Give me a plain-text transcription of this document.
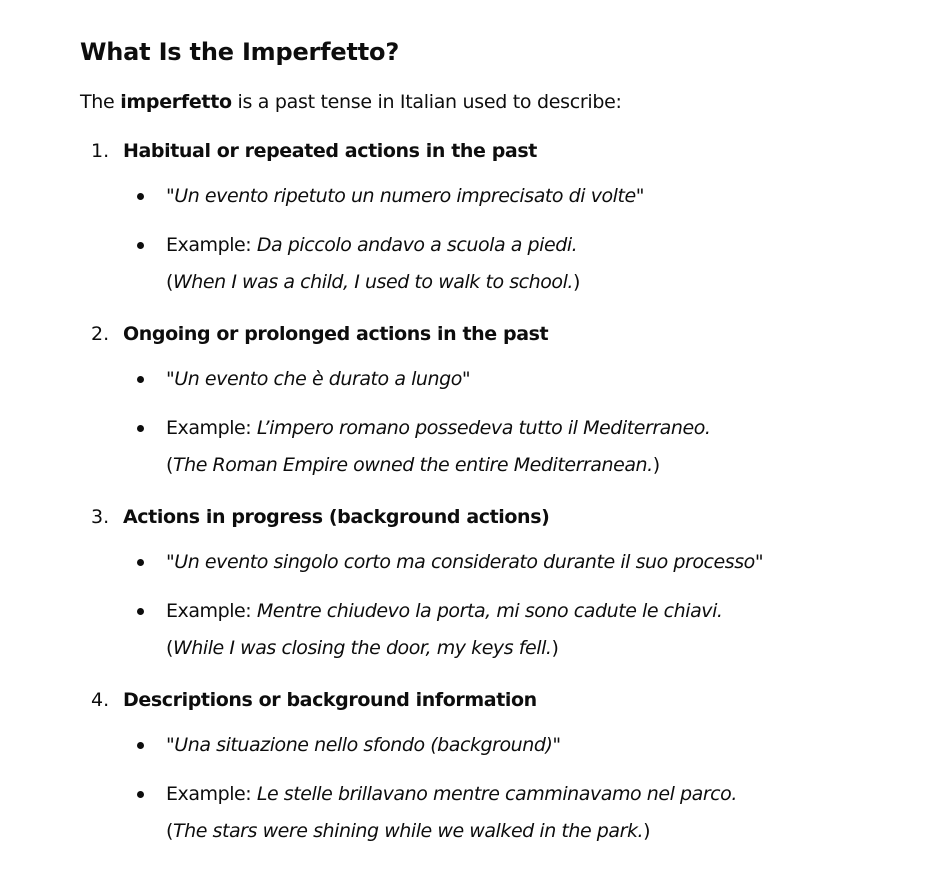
What Is the Imperfetto?

The imperfetto is a past tense in Italian used to describe:

1. Habitual or repeated actions in the past
"Un evento ripetuto un numero imprecisato di volte"
Example: Da piccolo andavo a scuola a piedi.
(When I was a child, I used to walk to school.)
2. Ongoing or prolonged actions in the past
"Un evento che è durato a lungo"
Example: L’impero romano possedeva tutto il Mediterraneo.
(The Roman Empire owned the entire Mediterranean.)
3. Actions in progress (background actions)
"Un evento singolo corto ma considerato durante il suo processo"
Example: Mentre chiudevo la porta, mi sono cadute le chiavi.
(While I was closing the door, my keys fell.)
4. Descriptions or background information
"Una situazione nello sfondo (background)"
Example: Le stelle brillavano mentre camminavamo nel parco.
(The stars were shining while we walked in the park.)
